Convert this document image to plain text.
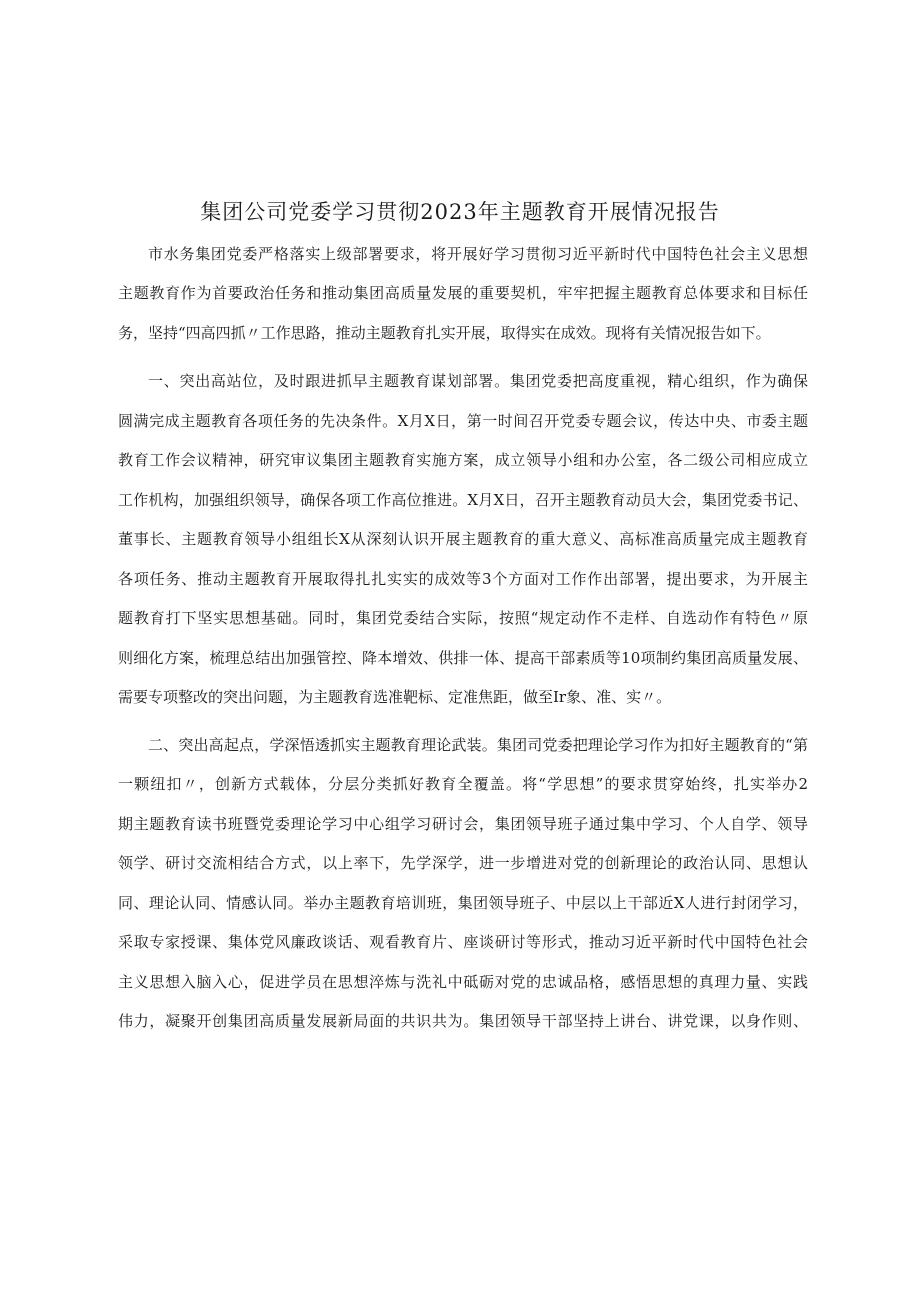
集团公司党委学习贯彻2023年主题教育开展情况报告

市水务集团党委严格落实上级部署要求，将开展好学习贯彻习近平新时代中国特色社会主义思想

主题教育作为首要政治任务和推动集团高质量发展的重要契机，牢牢把握主题教育总体要求和目标任

务，坚持“四高四抓〃工作思路，推动主题教育扎实开展，取得实在成效。现将有关情况报告如下。

一、突出高站位，及时跟进抓早主题教育谋划部署。集团党委把高度重视，精心组织，作为确保

圆满完成主题教育各项任务的先决条件。X月X日，第一时间召开党委专题会议，传达中央、市委主题

教育工作会议精神，研究审议集团主题教育实施方案，成立领导小组和办公室，各二级公司相应成立

工作机构，加强组织领导，确保各项工作高位推进。X月X日，召开主题教育动员大会，集团党委书记、

董事长、主题教育领导小组组长X从深刻认识开展主题教育的重大意义、高标准高质量完成主题教育

各项任务、推动主题教育开展取得扎扎实实的成效等3个方面对工作作出部署，提出要求，为开展主

题教育打下坚实思想基础。同时，集团党委结合实际，按照“规定动作不走样、自选动作有特色〃原

则细化方案，梳理总结出加强管控、降本增效、供排一体、提高干部素质等10项制约集团高质量发展、

需要专项整改的突出问题，为主题教育选准靶标、定准焦距，做至Ir象、准、实〃。

二、突出高起点，学深悟透抓实主题教育理论武装。集团司党委把理论学习作为扣好主题教育的“第

一颗纽扣〃，创新方式载体，分层分类抓好教育全覆盖。将“学思想”的要求贯穿始终，扎实举办2

期主题教育读书班暨党委理论学习中心组学习研讨会，集团领导班子通过集中学习、个人自学、领导

领学、研讨交流相结合方式，以上率下，先学深学，进一步增进对党的创新理论的政治认同、思想认

同、理论认同、情感认同。举办主题教育培训班，集团领导班子、中层以上干部近X人进行封闭学习，

采取专家授课、集体党风廉政谈话、观看教育片、座谈研讨等形式，推动习近平新时代中国特色社会

主义思想入脑入心，促进学员在思想淬炼与洗礼中砥砺对党的忠诚品格，感悟思想的真理力量、实践

伟力，凝聚开创集团高质量发展新局面的共识共为。集团领导干部坚持上讲台、讲党课，以身作则、
